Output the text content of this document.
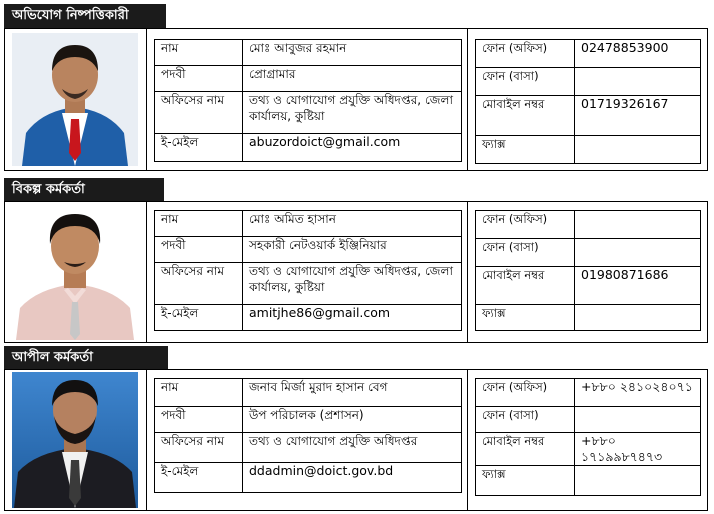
অভিযোগ নিষ্পত্তিকারী
নাম	মোঃ আবুজর রহমান
পদবী	প্রোগ্রামার
অফিসের নাম	তথ্য ও যোগাযোগ প্রযুক্তি অধিদপ্তর, জেলা কার্যালয়, কুষ্টিয়া
ই-মেইল	abuzordoict@gmail.com
ফোন (অফিস)	02478853900
ফোন (বাসা)	
মোবাইল নম্বর	01719326167
ফ্যাক্স	
বিকল্প কর্মকর্তা
নাম	মোঃ অমিত হাসান
পদবী	সহকারী নেটওয়ার্ক ইঞ্জিনিয়ার
অফিসের নাম	তথ্য ও যোগাযোগ প্রযুক্তি অধিদপ্তর, জেলা কার্যালয়, কুষ্টিয়া
ই-মেইল	amitjhe86@gmail.com
ফোন (অফিস)	
ফোন (বাসা)	
মোবাইল নম্বর	01980871686
ফ্যাক্স	
আপীল কর্মকর্তা
নাম	জনাব মির্জা মুরাদ হাসান বেগ
পদবী	উপ পরিচালক (প্রশাসন)
অফিসের নাম	তথ্য ও যোগাযোগ প্রযুক্তি অধিদপ্তর
ই-মেইল	ddadmin@doict.gov.bd
ফোন (অফিস)	+৮৮০ ২৪১০২৪০৭১
ফোন (বাসা)	
মোবাইল নম্বর	+৮৮০ ১৭১৯৯৮৭৪৭৩
ফ্যাক্স	
